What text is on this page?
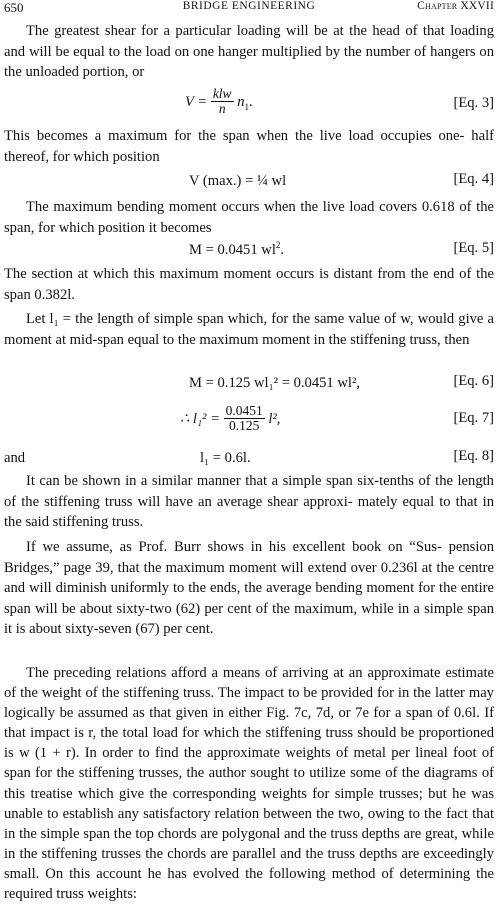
650	BRIDGE ENGINEERING	Chapter XXVII
The greatest shear for a particular loading will be at the head of that loading and will be equal to the load on one hanger multiplied by the number of hangers on the unloaded portion, or
$V = \frac{\text{klw}}{n} n_1$.	[Eq. 3]
This becomes a maximum for the span when the live load occupies one- half thereof, for which position
V (max.) = ¼ wl	[Eq. 4]
The maximum bending moment occurs when the live load covers 0.618 of the span, for which position it becomes
M = 0.0451 $wl^2$.	[Eq. 5]
The section at which this maximum moment occurs is distant from the end of the span 0.382l.
Let l₁ = the length of simple span which, for the same value of w, would give a moment at mid-span equal to the maximum moment in the stiffening truss, then
M = 0.125 wl₁² = 0.0451 wl²,	[Eq. 6]
∴ $l_1^2 = \frac{0.0451}{0.125} l^2$,	[Eq. 7]
and	l₁ = 0.6l.	[Eq. 8]
It can be shown in a similar manner that a simple span six-tenths of the length of the stiffening truss will have an average shear approxi- mately equal to that in the said stiffening truss.
If we assume, as Prof. Burr shows in his excellent book on “Sus- pension Bridges,” page 39, that the maximum moment will extend over 0.236l at the centre and will diminish uniformly to the ends, the average bending moment for the entire span will be about sixty-two (62) per cent of the maximum, while in a simple span it is about sixty-seven (67) per cent.
The preceding relations afford a means of arriving at an approximate estimate of the weight of the stiffening truss. The impact to be provided for in the latter may logically be assumed as that given in either Fig. 7c, 7d, or 7e for a span of 0.6l. If that impact is r, the total load for which the stiffening truss should be proportioned is w (1 + r). In order to find the approximate weights of metal per lineal foot of span for the stiffening trusses, the author sought to utilize some of the diagrams of this treatise which give the corresponding weights for simple trusses; but he was unable to establish any satisfactory relation between the two, owing to the fact that in the simple span the top chords are polygonal and the truss depths are great, while in the stiffening trusses the chords are parallel and the truss depths are exceedingly small. On this account he has evolved the following method of determining the required truss weights:
